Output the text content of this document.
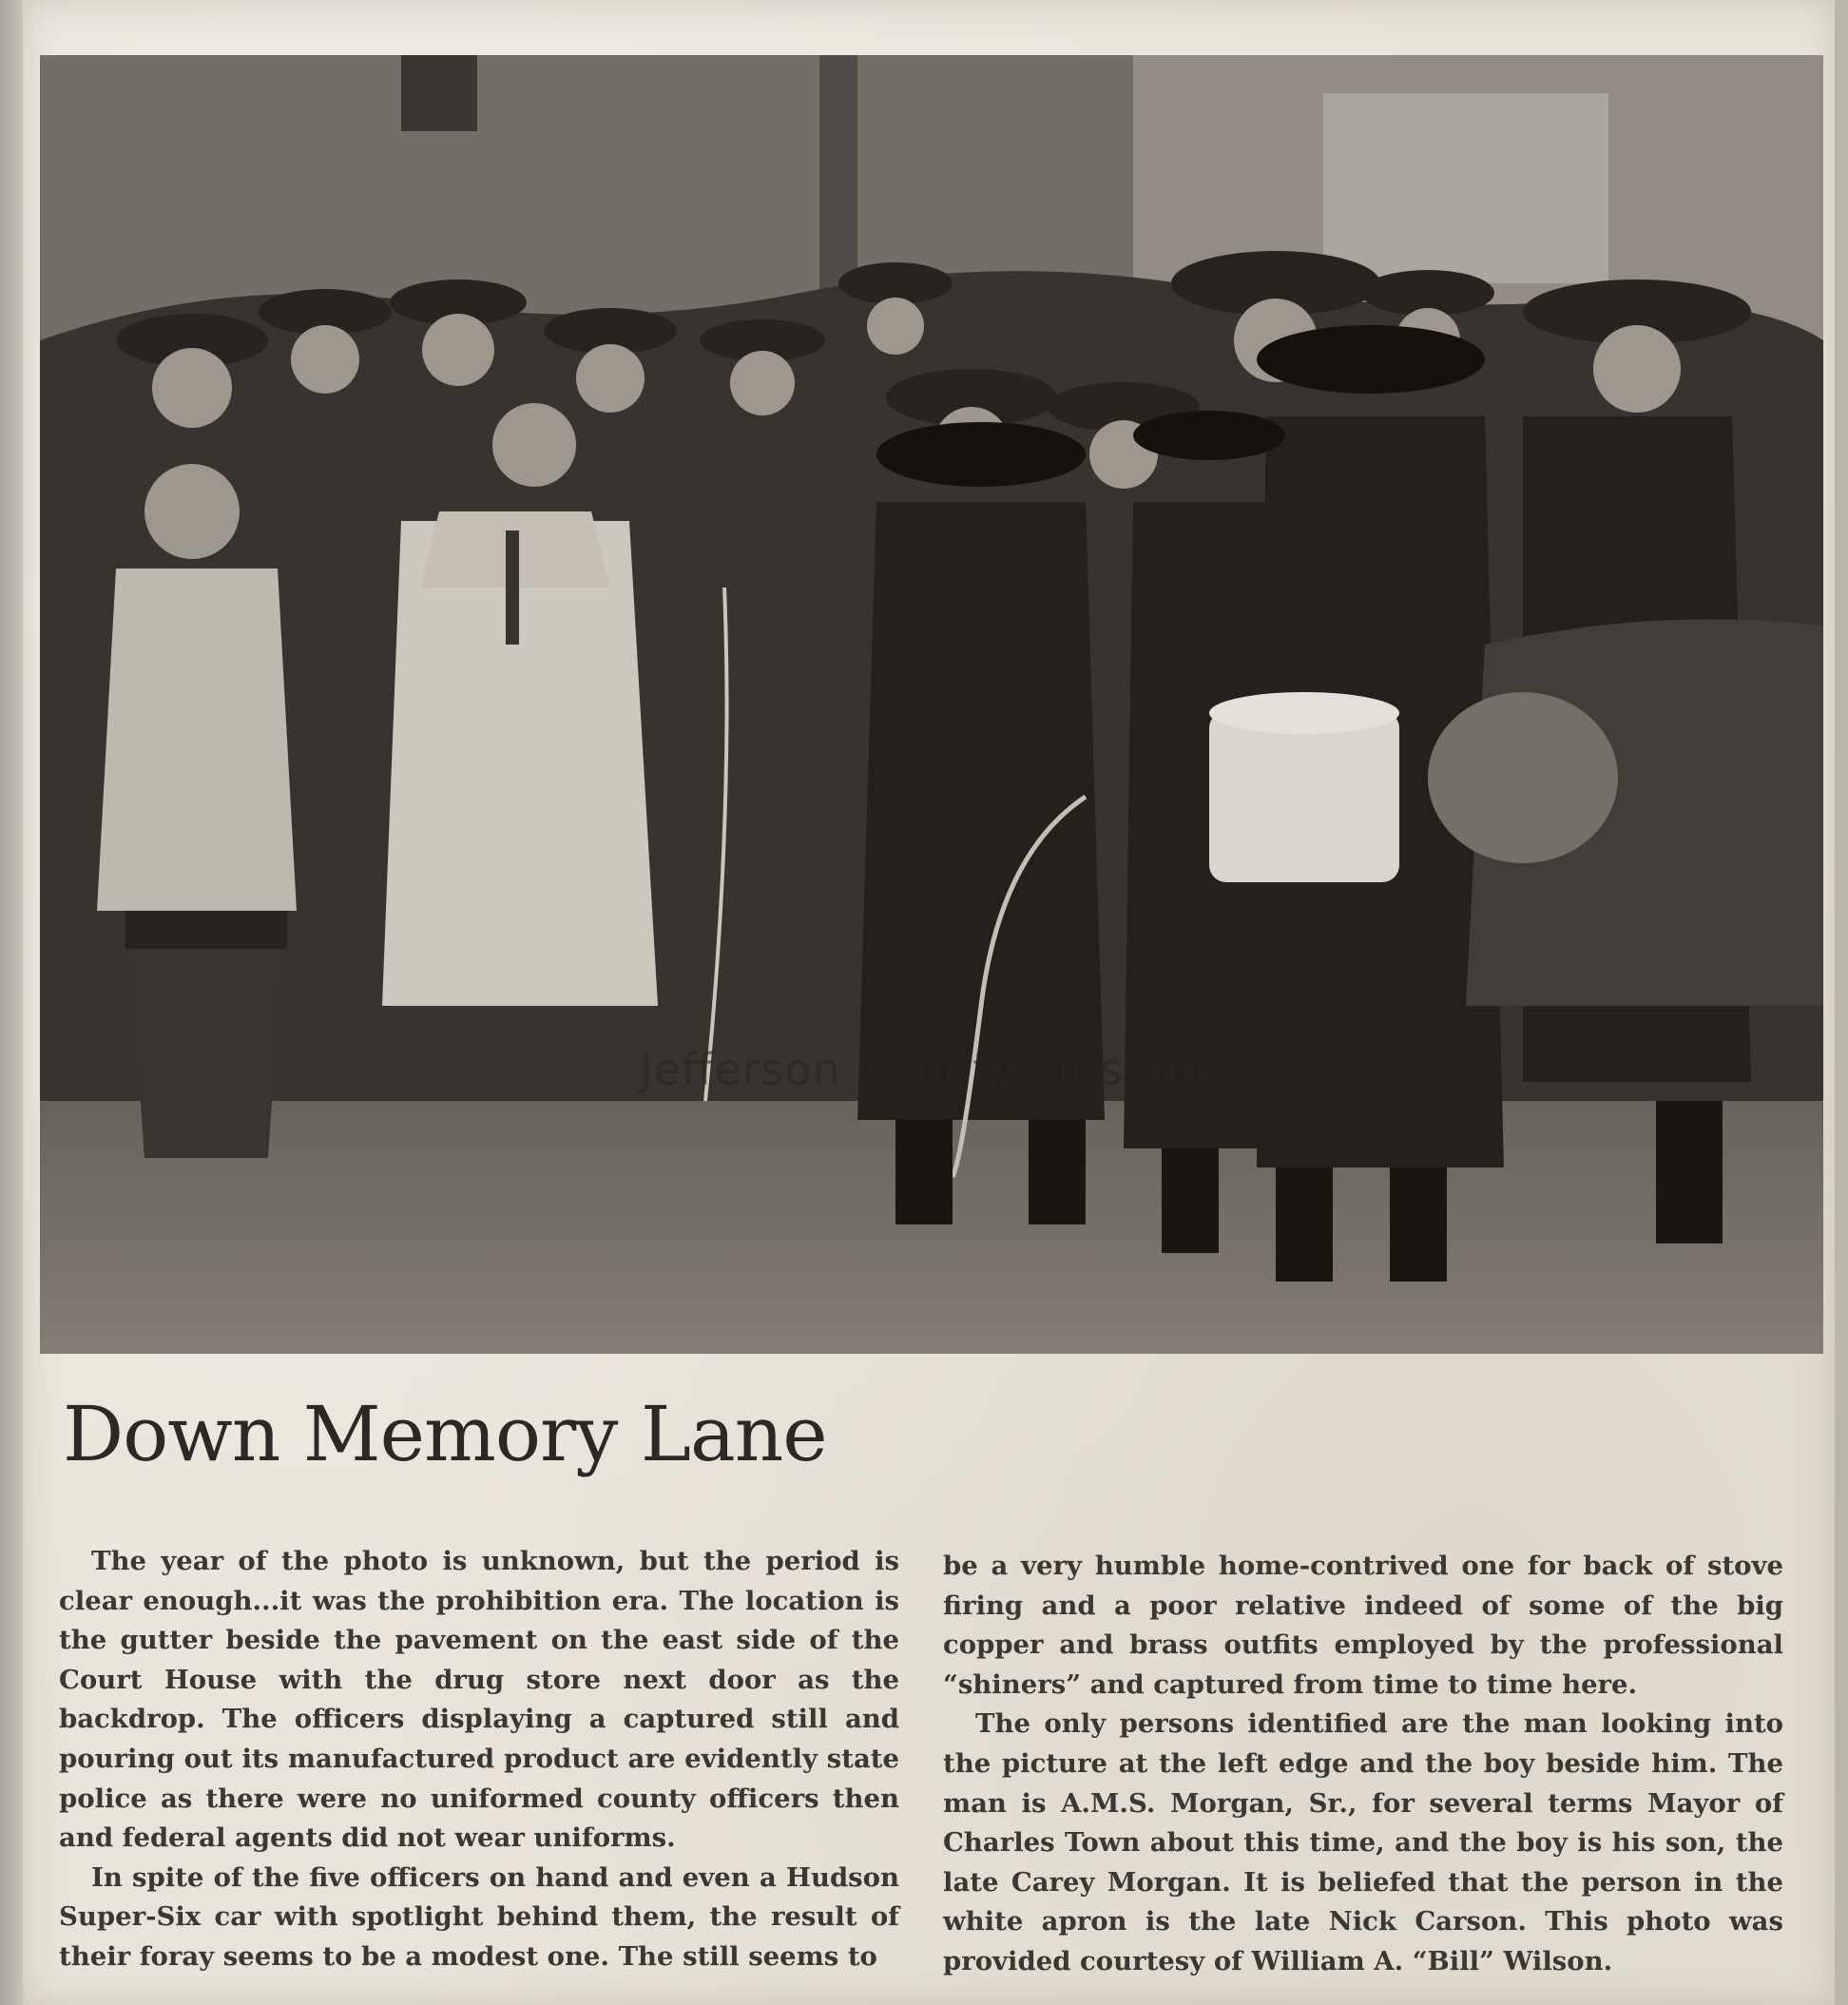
Jefferson County Museum
Down Memory Lane

The year of the photo is unknown, but the period is clear enough...it was the prohibition era. The location is the gutter beside the pavement on the east side of the Court House with the drug store next door as the backdrop. The officers displaying a captured still and pouring out its manufactured product are evidently state police as there were no uniformed county officers then and federal agents did not wear uniforms.

In spite of the five officers on hand and even a Hudson Super-Six car with spotlight behind them, the result of their foray seems to be a modest one. The still seems to

be a very humble home-contrived one for back of stove firing and a poor relative indeed of some of the big copper and brass outfits employed by the professional “shiners” and captured from time to time here.

The only persons identified are the man looking into the picture at the left edge and the boy beside him. The man is A.M.S. Morgan, Sr., for several terms Mayor of Charles Town about this time, and the boy is his son, the late Carey Morgan. It is beliefed that the person in the white apron is the late Nick Carson. This photo was provided courtesy of William A. “Bill” Wilson.
